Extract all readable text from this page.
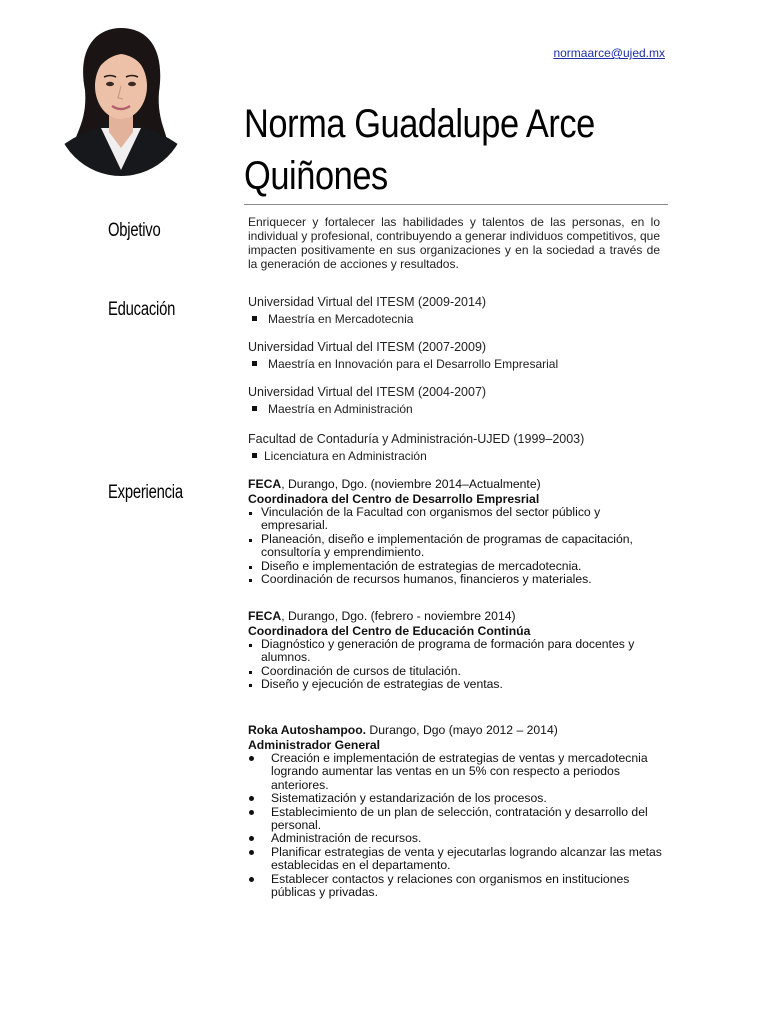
normaarce@ujed.mx
Norma Guadalupe Arce
Quiñones
Objetivo
Educación
Experiencia
Enriquecer y fortalecer las habilidades y talentos de las personas, en lo individual y profesional, contribuyendo a generar individuos competitivos, que impacten positivamente en sus organizaciones y en la sociedad a través de la generación de acciones y resultados.
Universidad Virtual del ITESM (2009-2014)
Maestría en Mercadotecnia
Universidad Virtual del ITESM (2007-2009)
Maestría en Innovación para el Desarrollo Empresarial
Universidad Virtual del ITESM (2004-2007)
Maestría en Administración
Facultad de Contaduría y Administración-UJED (1999–2003)
Licenciatura en Administración
FECA, Durango, Dgo. (noviembre 2014–Actualmente)
Coordinadora del Centro de Desarrollo Empresrial
Vinculación de la Facultad con organismos del sector público y empresarial.
Planeación, diseño e implementación de programas de capacitación, consultoría y emprendimiento.
Diseño e implementación de estrategias de mercadotecnia.
Coordinación de recursos humanos, financieros y materiales.
FECA, Durango, Dgo. (febrero - noviembre 2014)
Coordinadora del Centro de Educación Continúa
Diagnóstico y generación de programa de formación para docentes y alumnos.
Coordinación de cursos de titulación.
Diseño y ejecución de estrategias de ventas.
Roka Autoshampoo. Durango, Dgo (mayo 2012 – 2014)
Administrador General
Creación e implementación de estrategias de ventas y mercadotecnia logrando aumentar las ventas en un 5% con respecto a periodos anteriores.
Sistematización y estandarización de los procesos.
Establecimiento de un plan de selección, contratación y desarrollo del personal.
Administración de recursos.
Planificar estrategias de venta y ejecutarlas logrando alcanzar las metas establecidas en el departamento.
Establecer contactos y relaciones con organismos en instituciones públicas y privadas.
